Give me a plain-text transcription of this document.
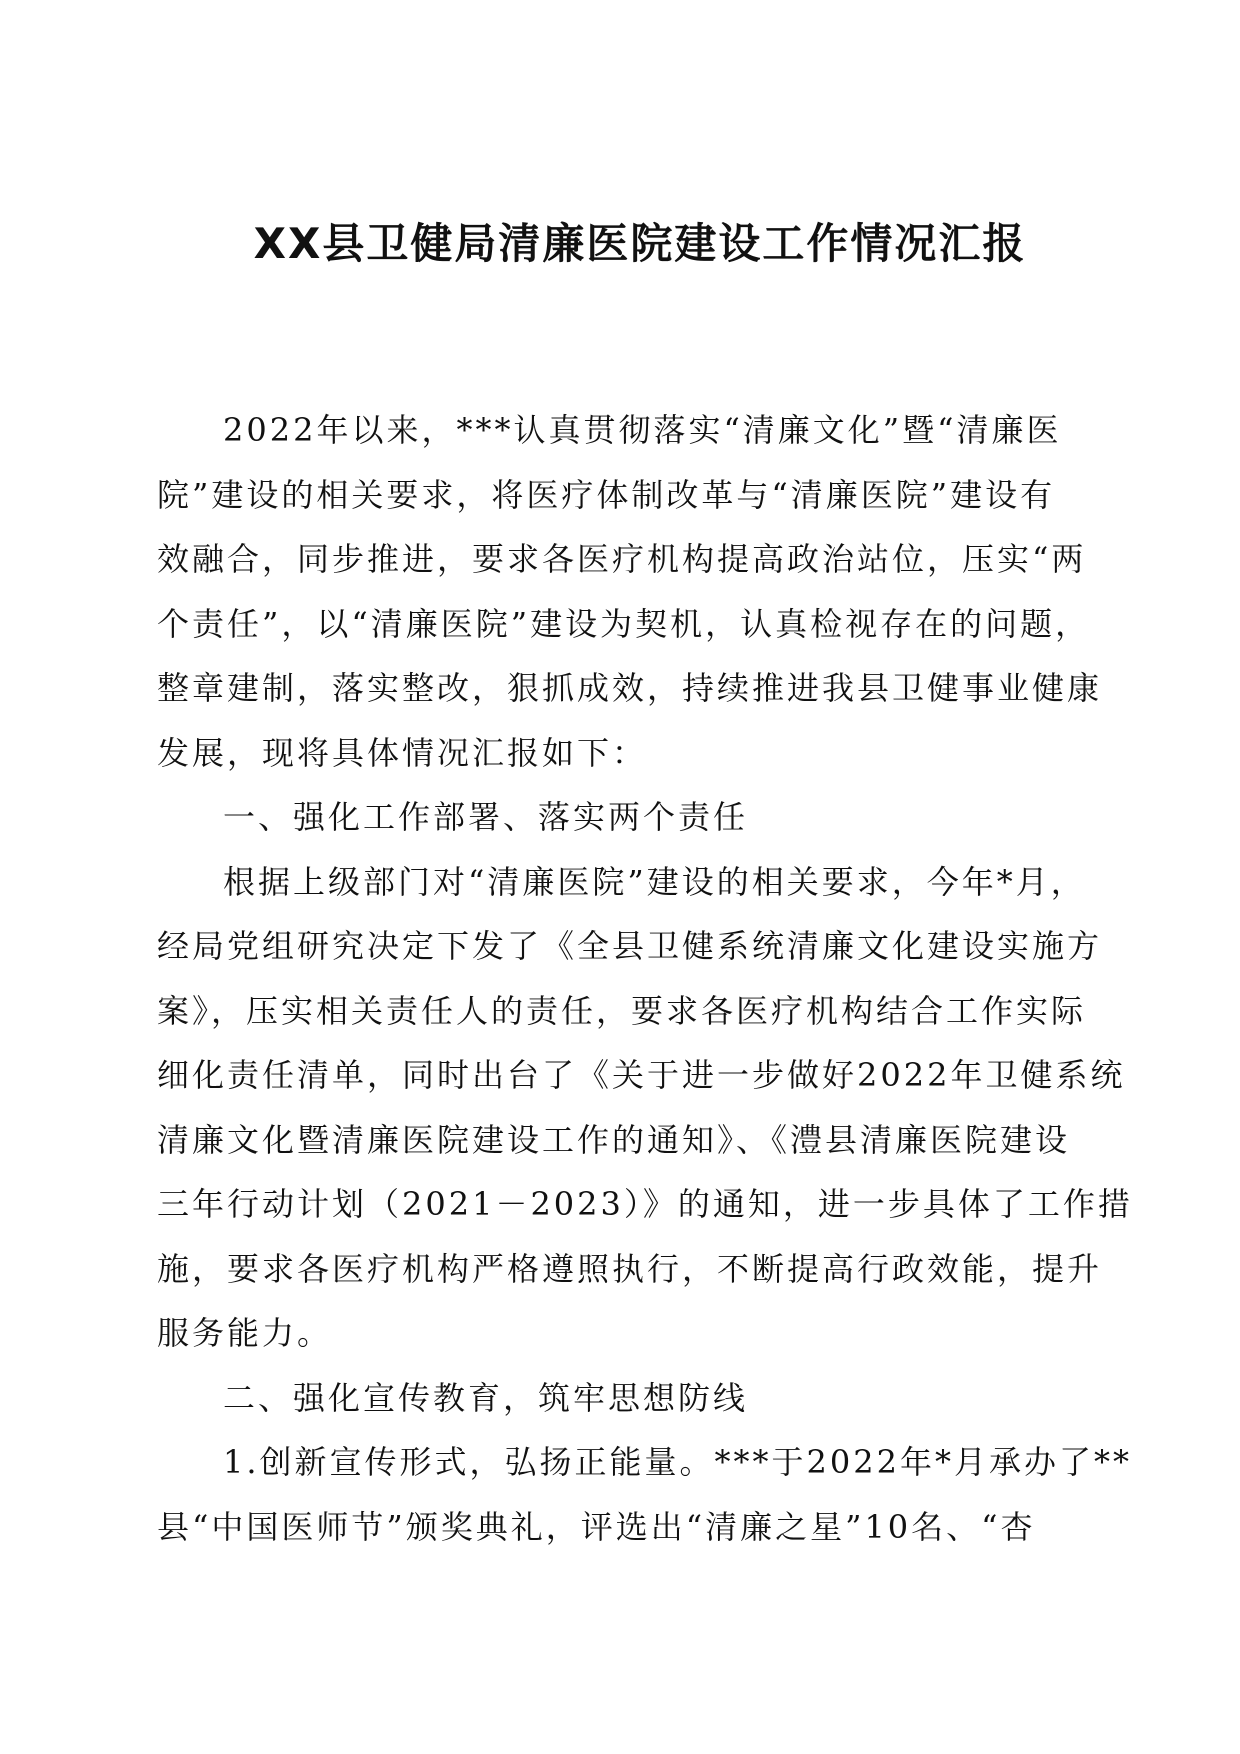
XX县卫健局清廉医院建设工作情况汇报

2022年以来，***认真贯彻落实“清廉文化”暨“清廉医

院”建设的相关要求，将医疗体制改革与“清廉医院”建设有

效融合，同步推进，要求各医疗机构提高政治站位，压实“两

个责任”，以“清廉医院”建设为契机，认真检视存在的问题，

整章建制，落实整改，狠抓成效，持续推进我县卫健事业健康

发展，现将具体情况汇报如下：

一、强化工作部署、落实两个责任

根据上级部门对“清廉医院”建设的相关要求，今年*月，

经局党组研究决定下发了《全县卫健系统清廉文化建设实施方

案》，压实相关责任人的责任，要求各医疗机构结合工作实际

细化责任清单，同时出台了《关于进一步做好2022年卫健系统

清廉文化暨清廉医院建设工作的通知》、《澧县清廉医院建设

三年行动计划（2021－2023）》的通知，进一步具体了工作措

施，要求各医疗机构严格遵照执行，不断提高行政效能，提升

服务能力。

二、强化宣传教育，筑牢思想防线

1.创新宣传形式，弘扬正能量。***于2022年*月承办了**

县“中国医师节”颁奖典礼，评选出“清廉之星”10名、“杏
